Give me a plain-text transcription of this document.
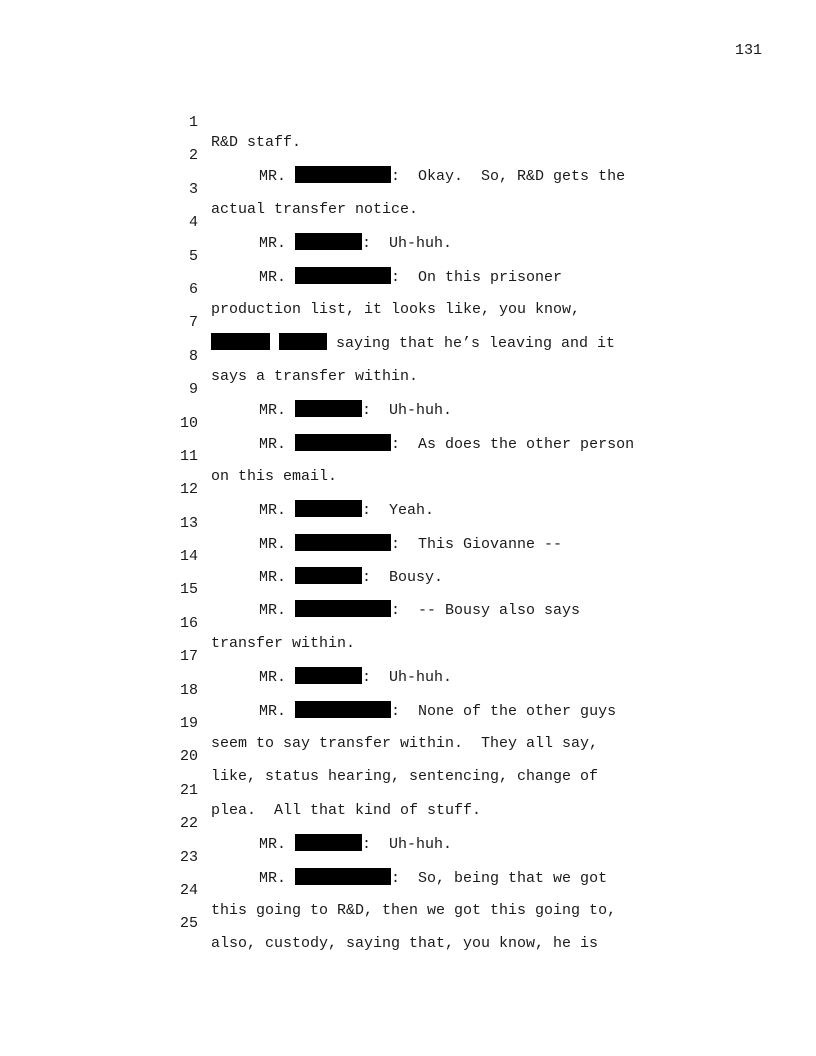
131

1

R&D staff.

2

MR.	:  Okay.  So, R&D gets the

3

actual transfer notice.

4

MR.	:  Uh-huh.

5

MR.	:  On this prisoner

6

production list, it looks like, you know,

7

saying that he’s leaving and it

8

says a transfer within.

9

MR.	:  Uh-huh.

10

MR.	:  As does the other person

11

on this email.

12

MR.	:  Yeah.

13

MR.	:  This Giovanne --

14

MR.	:  Bousy.

15

MR.	:  -- Bousy also says

16

transfer within.

17

MR.	:  Uh-huh.

18

MR.	:  None of the other guys

19

seem to say transfer within.  They all say,

20

like, status hearing, sentencing, change of

21

plea.  All that kind of stuff.

22

MR.	:  Uh-huh.

23

MR.	:  So, being that we got

24

this going to R&D, then we got this going to,

25

also, custody, saying that, you know, he is
